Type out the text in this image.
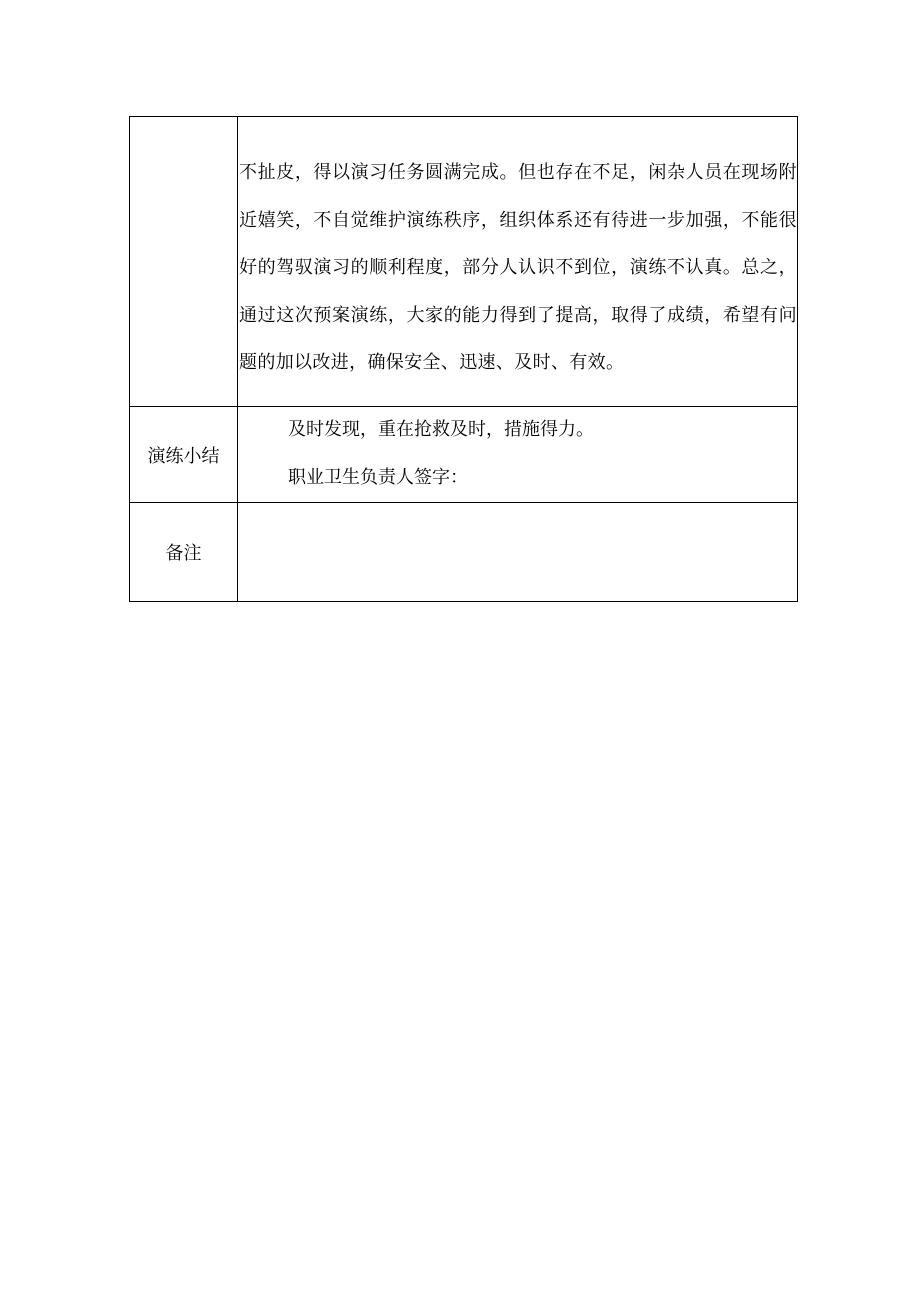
	不扯皮，得以演习任务圆满完成。但也存在不足，闲杂人员在现场附近嬉笑，不自觉维护演练秩序，组织体系还有待进一步加强，不能很好的驾驭演习的顺利程度，部分人认识不到位，演练不认真。总之，通过这次预案演练，大家的能力得到了提高，取得了成绩，希望有问题的加以改进，确保安全、迅速、及时、有效。

演练小结	及时发现，重在抢救及时，措施得力。

职业卫生负责人签字：

备注	
